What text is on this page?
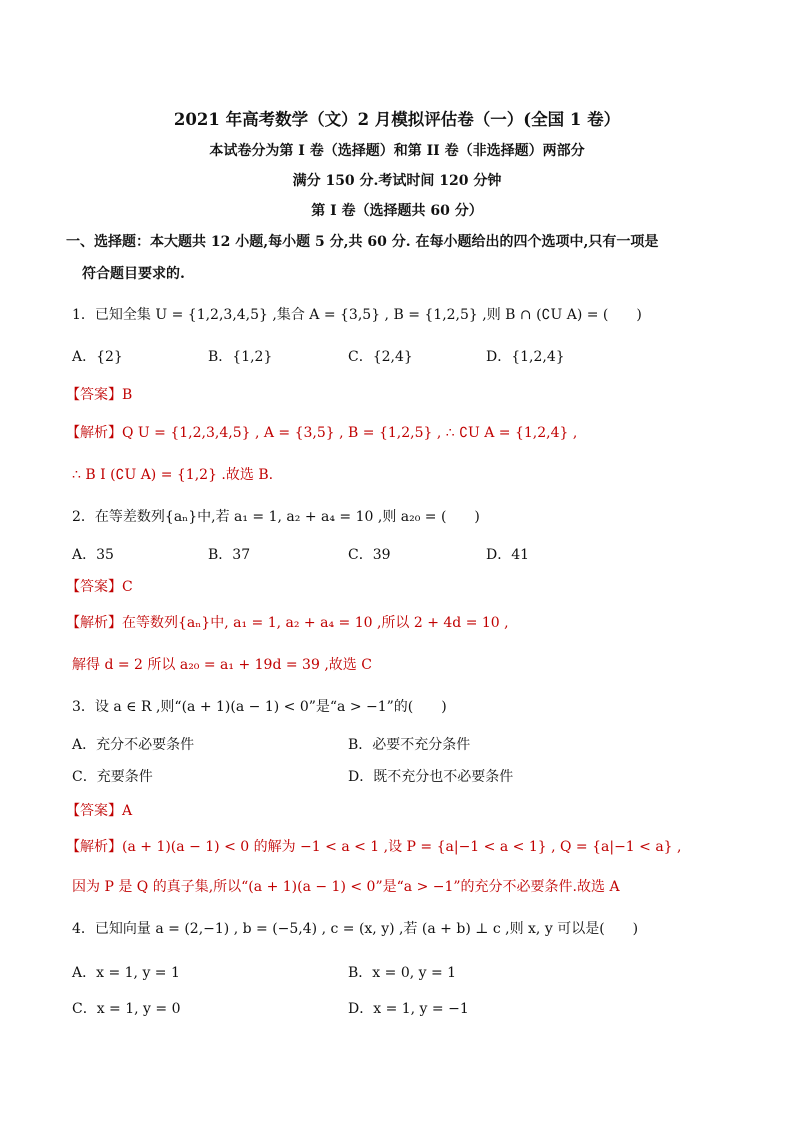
2021 年高考数学（文）2 月模拟评估卷（一）(全国 1 卷）
本试卷分为第 I 卷（选择题）和第 II 卷（非选择题）两部分
满分 150 分.考试时间 120 分钟
第 I 卷（选择题共 60 分）
一、选择题：本大题共 12 小题,每小题 5 分,共 60 分. 在每小题给出的四个选项中,只有一项是
符合题目要求的.
1．已知全集 U = {1,2,3,4,5} ,集合 A = {3,5} , B = {1,2,5} ,则 B ∩ (∁U A) = (　　)
A．{2}	B．{1,2}	C．{2,4}	D．{1,2,4}
【答案】B
【解析】Q U = {1,2,3,4,5} , A = {3,5} , B = {1,2,5} , ∴ ∁U A = {1,2,4} ,
∴ B I (∁U A) = {1,2} .故选 B.
2．在等差数列{aₙ}中,若 a₁ = 1, a₂ + a₄ = 10 ,则 a₂₀ = (　　)
A．35	B．37	C．39	D．41
【答案】C
【解析】在等数列{aₙ}中, a₁ = 1, a₂ + a₄ = 10 ,所以 2 + 4d = 10 ,
解得 d = 2 所以 a₂₀ = a₁ + 19d = 39 ,故选 C
3．设 a ∈ R ,则“(a + 1)(a − 1) < 0”是“a > −1”的(　　)
A．充分不必要条件	B．必要不充分条件
C．充要条件	D．既不充分也不必要条件
【答案】A
【解析】(a + 1)(a − 1) < 0 的解为 −1 < a < 1 ,设 P = {a|−1 < a < 1} , Q = {a|−1 < a} ,
因为 P 是 Q 的真子集,所以“(a + 1)(a − 1) < 0”是“a > −1”的充分不必要条件.故选 A
4．已知向量 a = (2,−1) , b = (−5,4) , c = (x, y) ,若 (a + b) ⊥ c ,则 x, y 可以是(　　)
A．x = 1, y = 1	B．x = 0, y = 1
C．x = 1, y = 0	D．x = 1, y = −1
